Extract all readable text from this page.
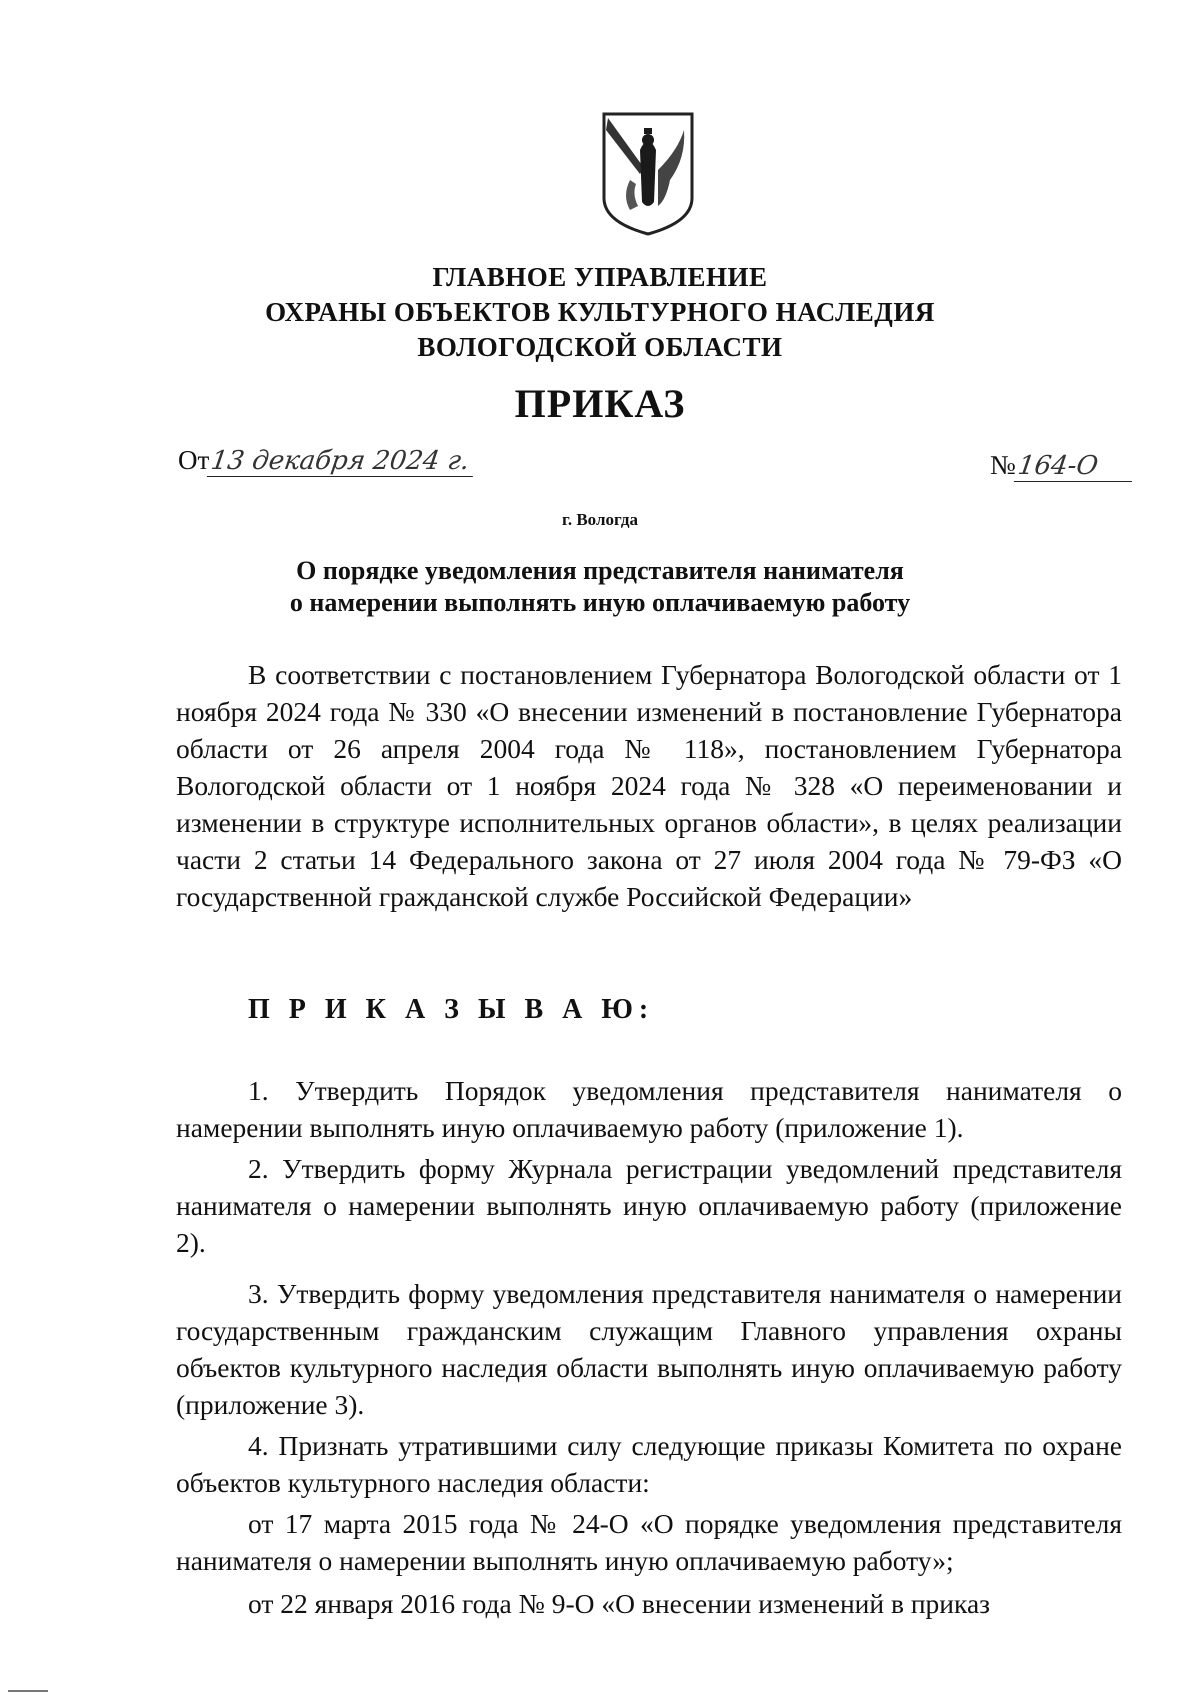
ГЛАВНОЕ УПРАВЛЕНИЕ
ОХРАНЫ ОБЪЕКТОВ КУЛЬТУРНОГО НАСЛЕДИЯ
ВОЛОГОДСКОЙ ОБЛАСТИ
ПРИКАЗ
От13 декабря 2024 г.	№164-О
г. Вологда
О порядке уведомления представителя нанимателя
о намерении выполнять иную оплачиваемую работу

В соответствии с постановлением Губернатора Вологодской области от 1 ноября 2024 года № 330 «О внесении изменений в постановление Губернатора области от 26 апреля 2004 года № 118», постановлением Губернатора Вологодской области от 1 ноября 2024 года № 328 «О переименовании и изменении в структуре исполнительных органов области», в целях реализации части 2 статьи 14 Федерального закона от 27 июля 2004 года № 79-ФЗ «О государственной гражданской службе Российской Федерации»

П Р И К А З Ы В А Ю:

1. Утвердить Порядок уведомления представителя нанимателя о намерении выполнять иную оплачиваемую работу (приложение 1).

2. Утвердить форму Журнала регистрации уведомлений представителя нанимателя о намерении выполнять иную оплачиваемую работу (приложение 2).

3. Утвердить форму уведомления представителя нанимателя о намерении государственным гражданским служащим Главного управления охраны объектов культурного наследия области выполнять иную оплачиваемую работу (приложение 3).

4. Признать утратившими силу следующие приказы Комитета по охране объектов культурного наследия области:

от 17 марта 2015 года № 24-О «О порядке уведомления представителя нанимателя о намерении выполнять иную оплачиваемую работу»;

от 22 января 2016 года № 9-О «О внесении изменений в приказ
